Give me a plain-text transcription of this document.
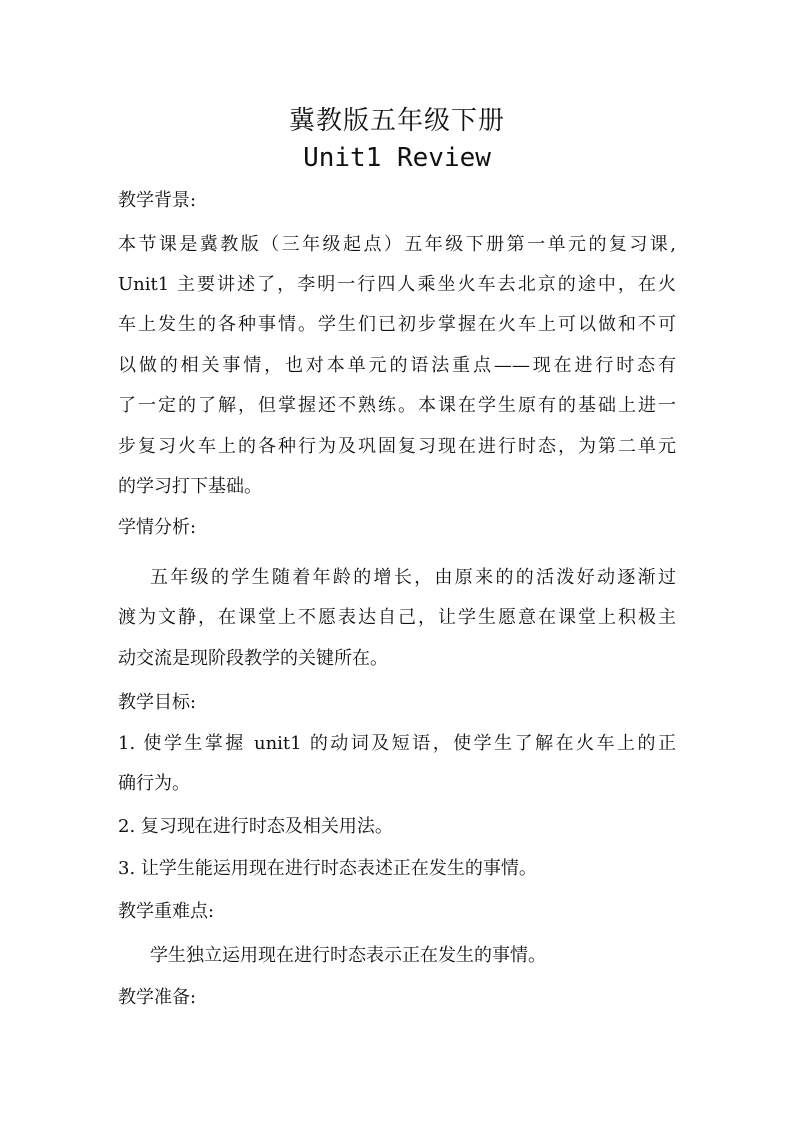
冀教版五年级下册
Unit1 Review
教学背景:
本节课是冀教版（三年级起点）五年级下册第一单元的复习课,
Unit1 主要讲述了，李明一行四人乘坐火车去北京的途中，在火
车上发生的各种事情。学生们已初步掌握在火车上可以做和不可
以做的相关事情，也对本单元的语法重点——现在进行时态有
了一定的了解，但掌握还不熟练。本课在学生原有的基础上进一
步复习火车上的各种行为及巩固复习现在进行时态，为第二单元
的学习打下基础。
学情分析:
五年级的学生随着年龄的增长，由原来的的活泼好动逐渐过
渡为文静，在课堂上不愿表达自己，让学生愿意在课堂上积极主
动交流是现阶段教学的关键所在。
教学目标:
1. 使学生掌握 unit1 的动词及短语，使学生了解在火车上的正
确行为。
2. 复习现在进行时态及相关用法。
3. 让学生能运用现在进行时态表述正在发生的事情。
教学重难点:
学生独立运用现在进行时态表示正在发生的事情。
教学准备:
